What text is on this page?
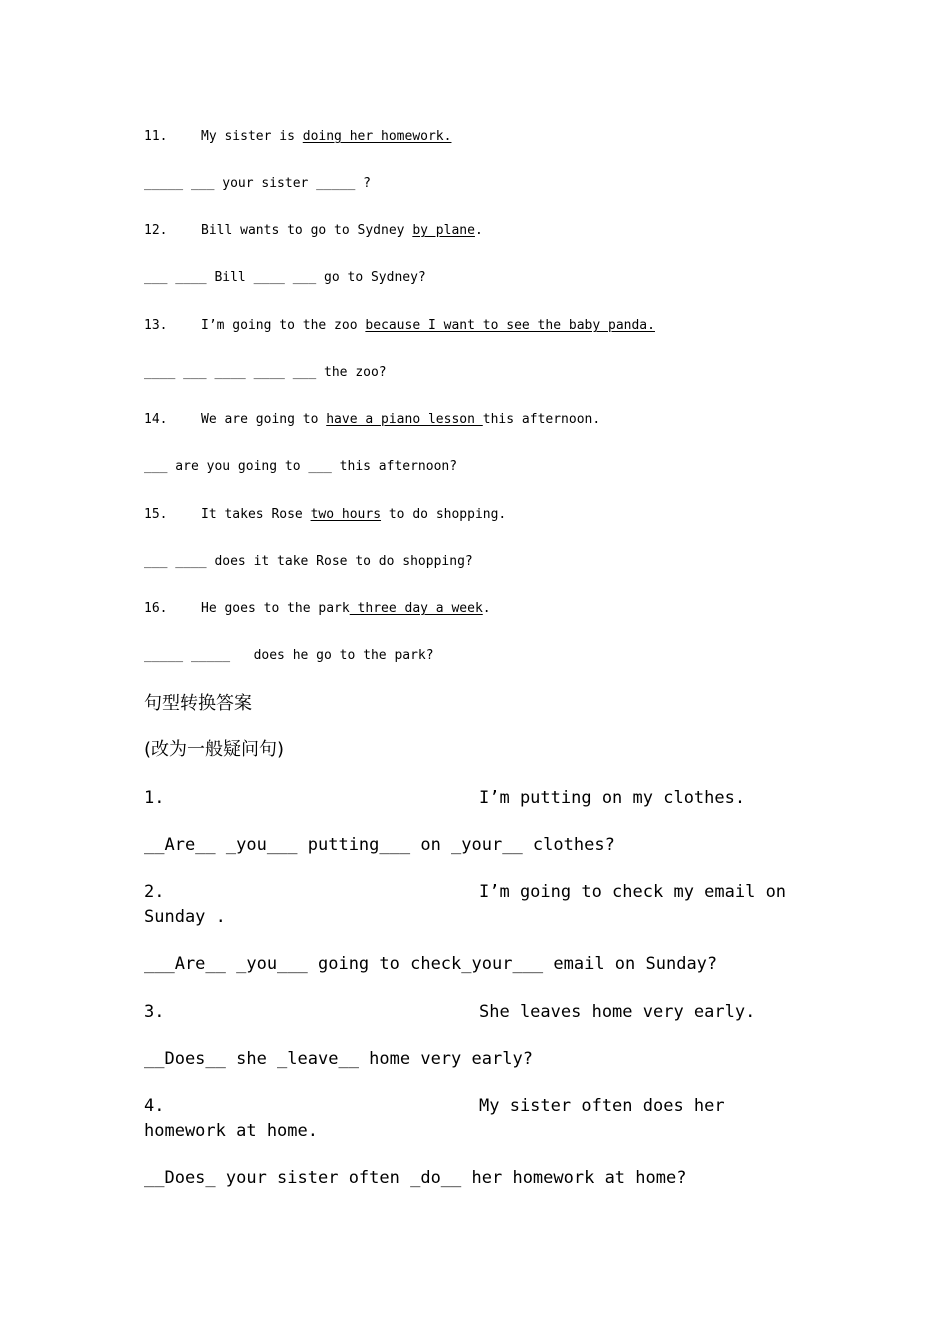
11.	My sister is doing her homework.
_____ ___ your sister _____ ?
12.	Bill wants to go to Sydney by plane.
___ ____ Bill ____ ___ go to Sydney?
13.	I’m going to the zoo because I want to see the baby panda.
____ ___ ____ ____ ___ the zoo?
14.	We are going to have a piano lesson this afternoon.
___ are you going to ___ this afternoon?
15.	It takes Rose two hours to do shopping.
___ ____ does it take Rose to do shopping?
16.	He goes to the park three day a week.
_____ _____   does he go to the park?
句型转换答案
(改为一般疑问句)
1.	I’m putting on my clothes.
__Are__ _you___ putting___ on _your__ clothes?
2.	I’m going to check my email on Sunday .
___Are__ _you___ going to check_your___ email on Sunday?
3.	She leaves home very early.
__Does__ she _leave__ home very early?
4.	My sister often does her homework at home.
__Does_ your sister often _do__ her homework at home?
